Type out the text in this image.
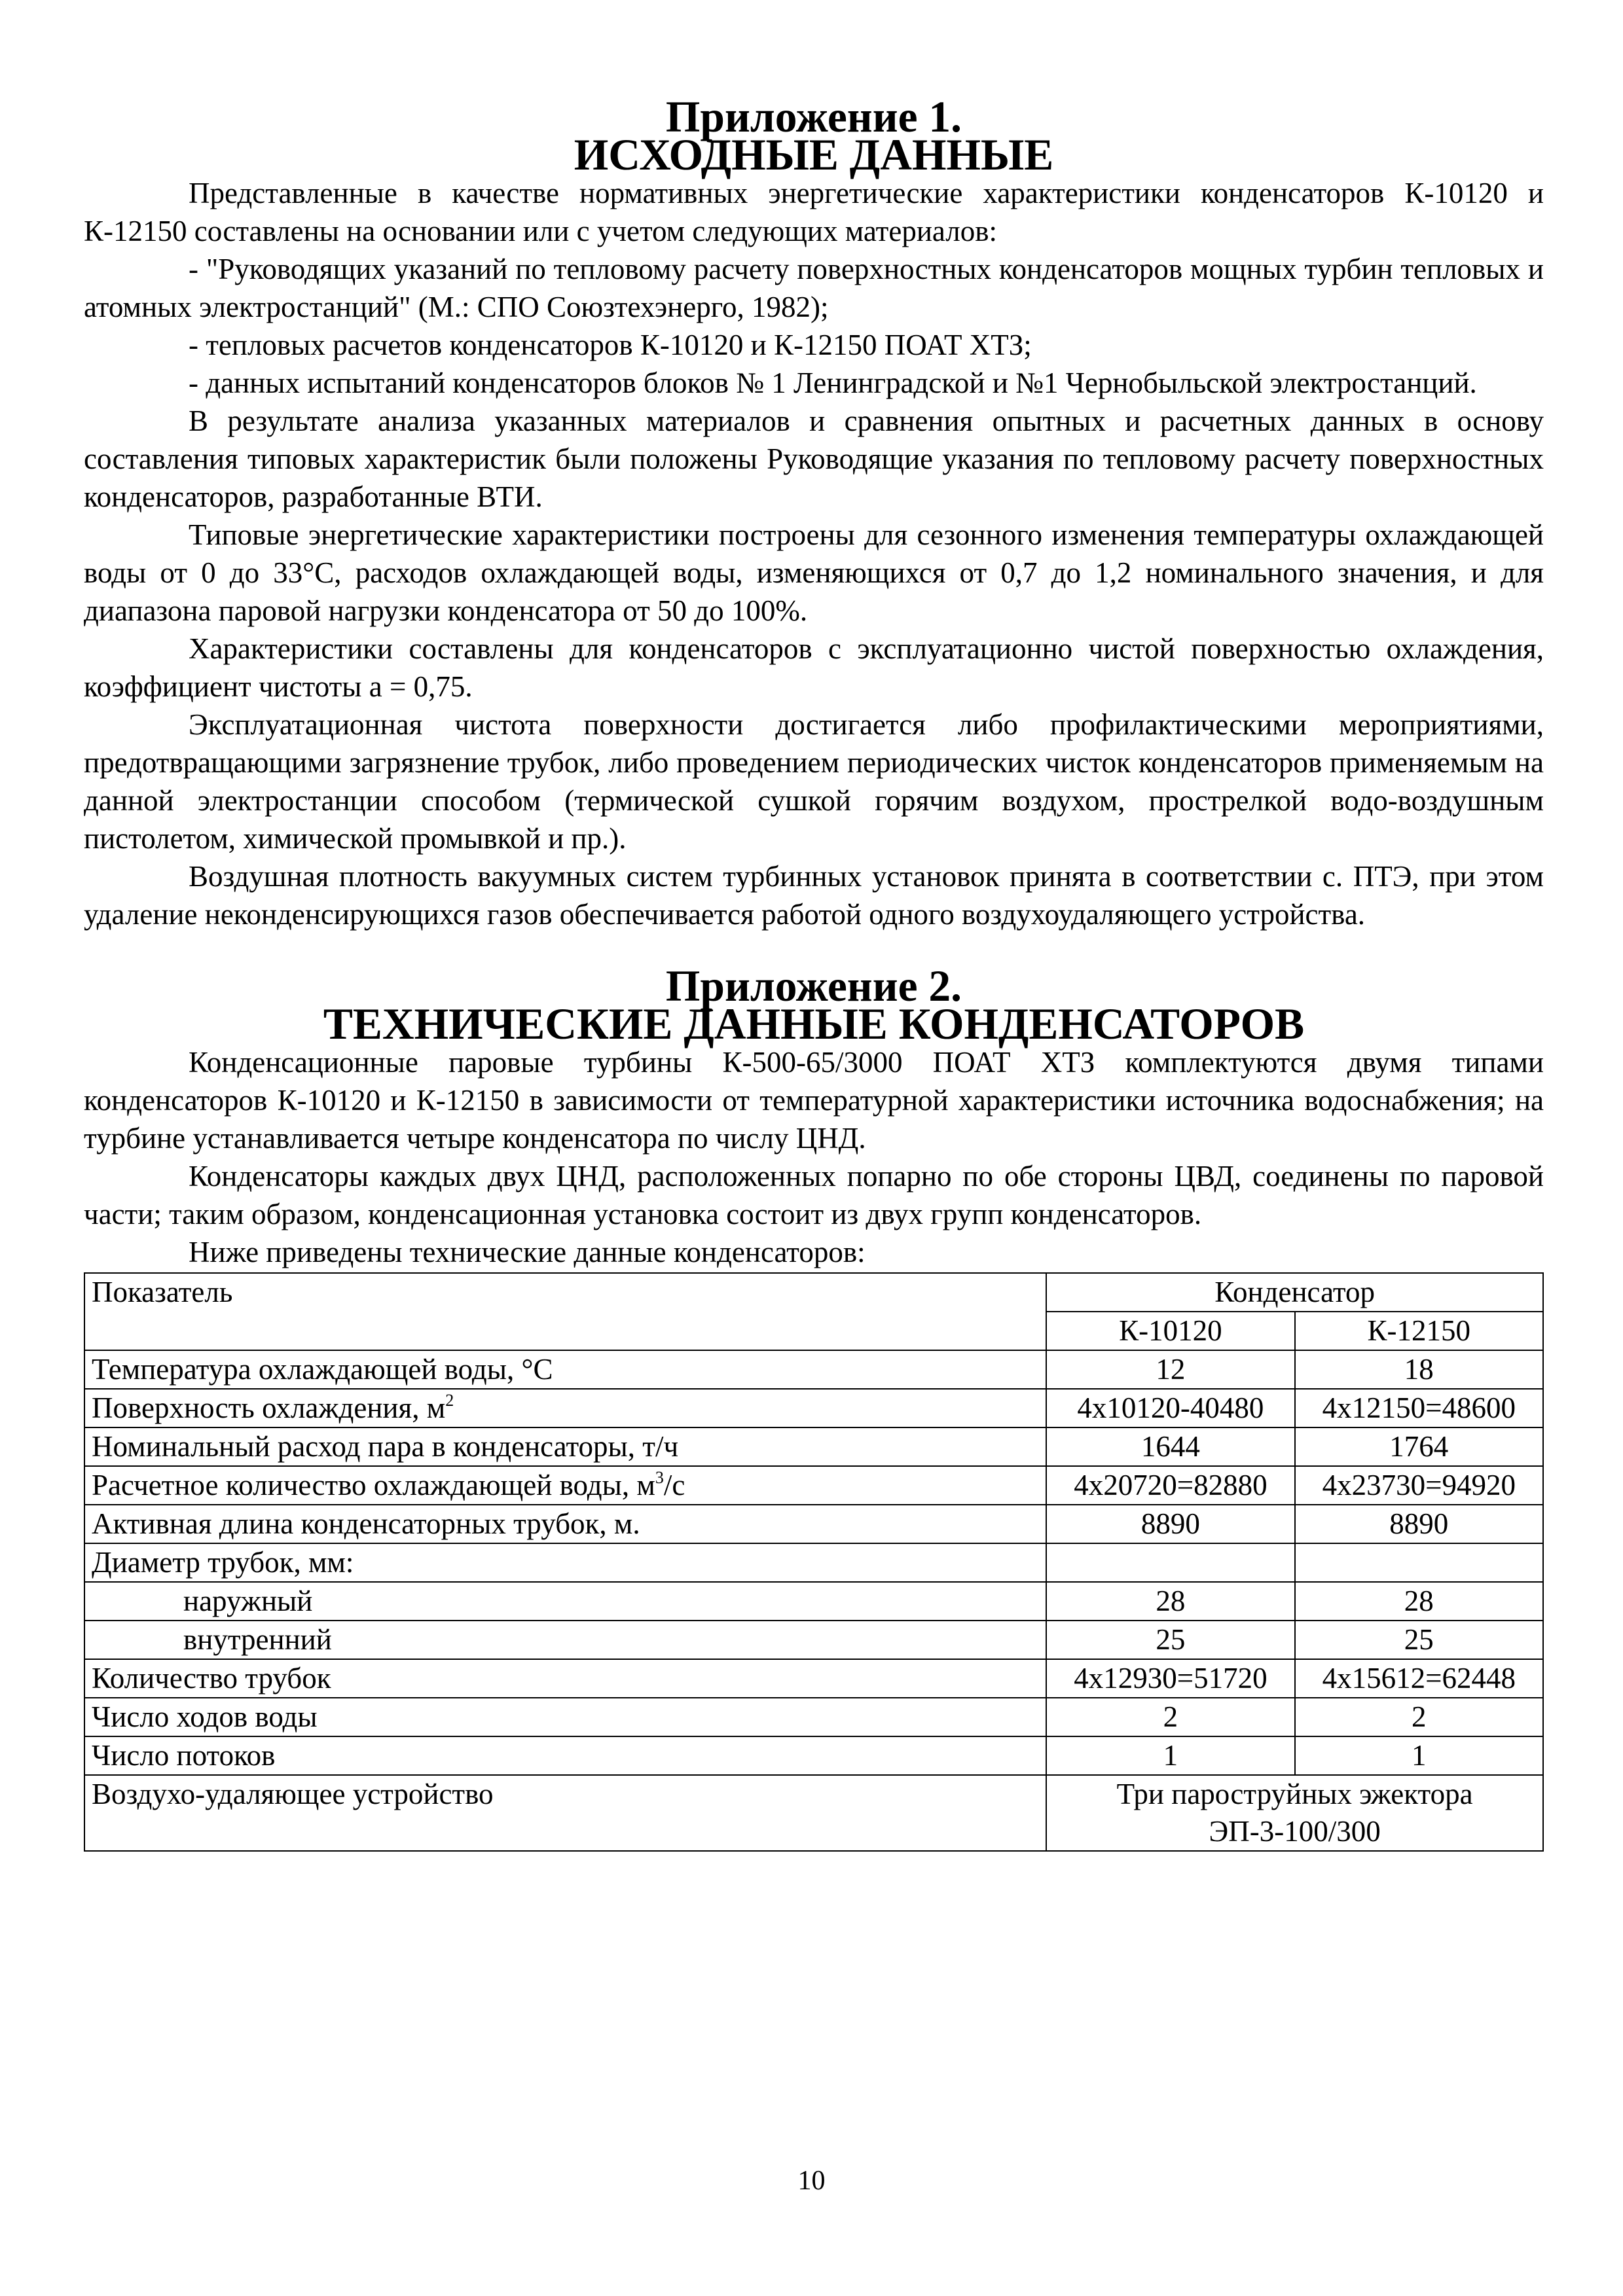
Приложение 1.
ИСХОДНЫЕ ДАННЫЕ

Представленные в качестве нормативных энергетические характеристики конденсаторов К-10120 и К-12150 составлены на основании или с учетом следующих материалов:

- "Руководящих указаний по тепловому расчету поверхностных конденсаторов мощных турбин тепловых и атомных электростанций" (М.: СПО Союзтехэнерго, 1982);

- тепловых расчетов конденсаторов К-10120 и К-12150 ПОАТ ХТЗ;

- данных испытаний конденсаторов блоков № 1 Ленинградской и №1 Чернобыльской электростанций.

В результате анализа указанных материалов и сравнения опытных и расчетных данных в основу составления типовых характеристик были положены Руководящие указания по тепловому расчету поверхностных конденсаторов, разработанные ВТИ.

Типовые энергетические характеристики построены для сезонного изменения температуры охлаждающей воды от 0 до 33°С, расходов охлаждающей воды, изменяющихся от 0,7 до 1,2 номинального значения, и для диапазона паровой нагрузки конденсатора от 50 до 100%.

Характеристики составлены для конденсаторов с эксплуатационно чистой поверхностью охлаждения, коэффициент чистоты а = 0,75.

Эксплуатационная чистота поверхности достигается либо профилактическими мероприятиями, предотвращающими загрязнение трубок, либо проведением периодических чисток конденсаторов применяемым на данной электростанции способом (термической сушкой горячим воздухом, прострелкой водо-воздушным пистолетом, химической промывкой и пр.).

Воздушная плотность вакуумных систем турбинных установок принята в соответствии с. ПТЭ, при этом удаление неконденсирующихся газов обеспечивается работой одного воздухоудаляющего устройства.

Приложение 2.
ТЕХНИЧЕСКИЕ ДАННЫЕ КОНДЕНСАТОРОВ

Конденсационные паровые турбины К-500-65/3000 ПОАТ ХТЗ комплектуются двумя типами конденсаторов К-10120 и К-12150 в зависимости от температурной характеристики источника водоснабжения; на турбине устанавливается четыре конденсатора по числу ЦНД.

Конденсаторы каждых двух ЦНД, расположенных попарно по обе стороны ЦВД, соединены по паровой части; таким образом, конденсационная установка состоит из двух групп конденсаторов.

Ниже приведены технические данные конденсаторов:

Показатель	Конденсатор	
	К-10120	К-12150
Температура охлаждающей воды, °С	12	18
Поверхность охлаждения, $м^2$	4х10120-40480	4х12150=48600
Номинальный расход пара в конденсаторы, т/ч	1644	1764
Расчетное количество охлаждающей воды, $м^3/с$	4х20720=82880	4х23730=94920
Активная длина конденсаторных трубок, м.	8890	8890
Диаметр трубок, мм:		
наружный	28	28
внутренний	25	25
Количество трубок	4х12930=51720	4х15612=62448
Число ходов воды	2	2
Число потоков	1	1
Воздухо-удаляющее устройство	Три пароструйных эжектора
ЭП-3-100/300	
10
